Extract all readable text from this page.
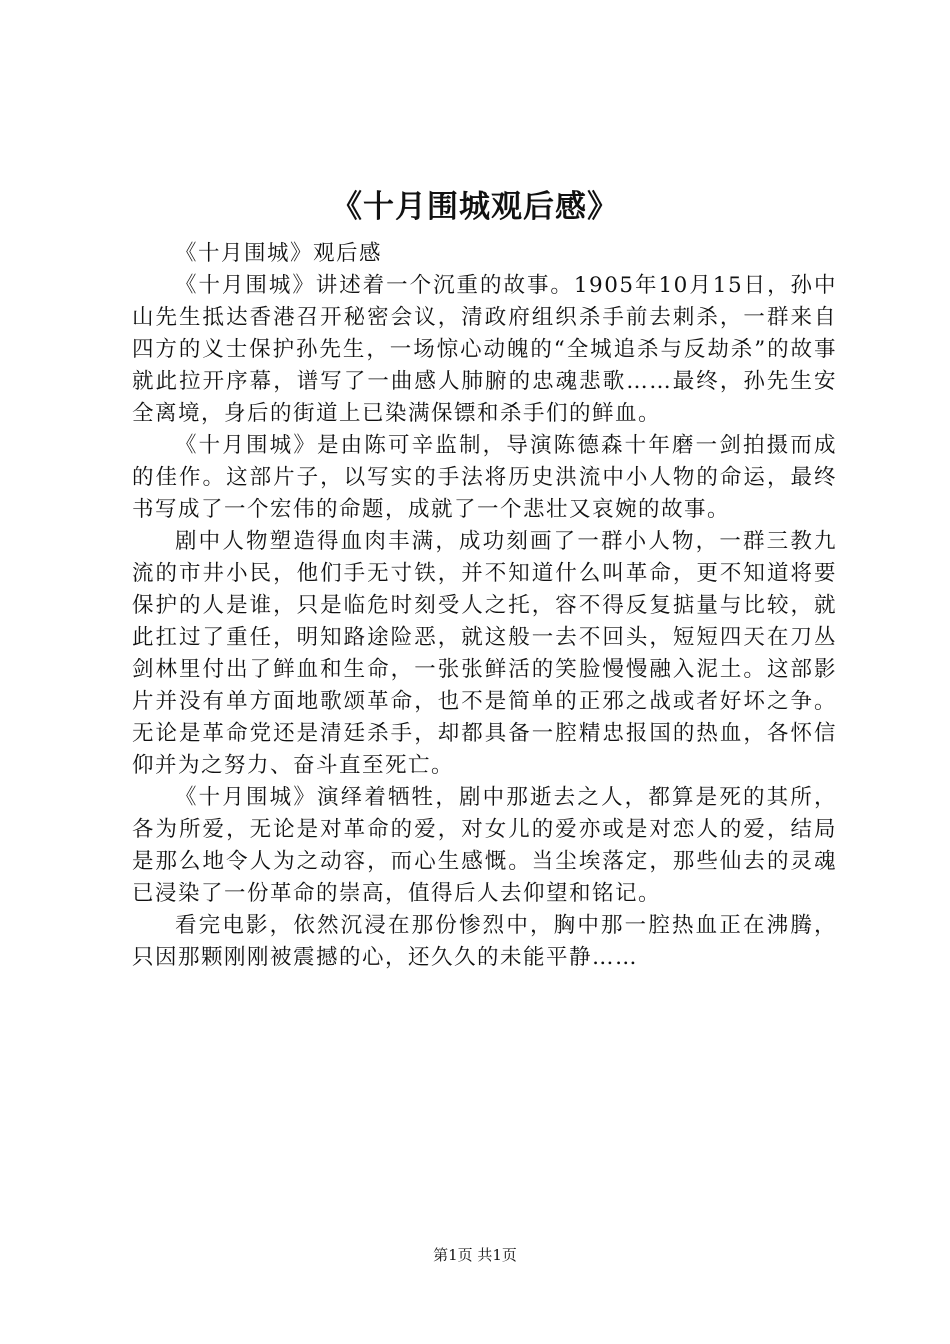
《十月围城观后感》

《十月围城》观后感

《十月围城》讲述着一个沉重的故事。1905年10月15日，孙中山先生抵达香港召开秘密会议，清政府组织杀手前去刺杀，一群来自四方的义士保护孙先生，一场惊心动魄的“全城追杀与反劫杀”的故事就此拉开序幕，谱写了一曲感人肺腑的忠魂悲歌……最终，孙先生安全离境，身后的街道上已染满保镖和杀手们的鲜血。

《十月围城》是由陈可辛监制，导演陈德森十年磨一剑拍摄而成的佳作。这部片子，以写实的手法将历史洪流中小人物的命运，最终书写成了一个宏伟的命题，成就了一个悲壮又哀婉的故事。

剧中人物塑造得血肉丰满，成功刻画了一群小人物，一群三教九流的市井小民，他们手无寸铁，并不知道什么叫革命，更不知道将要保护的人是谁，只是临危时刻受人之托，容不得反复掂量与比较，就此扛过了重任，明知路途险恶，就这般一去不回头，短短四天在刀丛剑林里付出了鲜血和生命，一张张鲜活的笑脸慢慢融入泥土。这部影片并没有单方面地歌颂革命，也不是简单的正邪之战或者好坏之争。无论是革命党还是清廷杀手，却都具备一腔精忠报国的热血，各怀信仰并为之努力、奋斗直至死亡。

《十月围城》演绎着牺牲，剧中那逝去之人，都算是死的其所，各为所爱，无论是对革命的爱，对女儿的爱亦或是对恋人的爱，结局是那么地令人为之动容，而心生感慨。当尘埃落定，那些仙去的灵魂已浸染了一份革命的崇高，值得后人去仰望和铭记。

看完电影，依然沉浸在那份惨烈中，胸中那一腔热血正在沸腾，只因那颗刚刚被震撼的心，还久久的未能平静……

第1页 共1页
